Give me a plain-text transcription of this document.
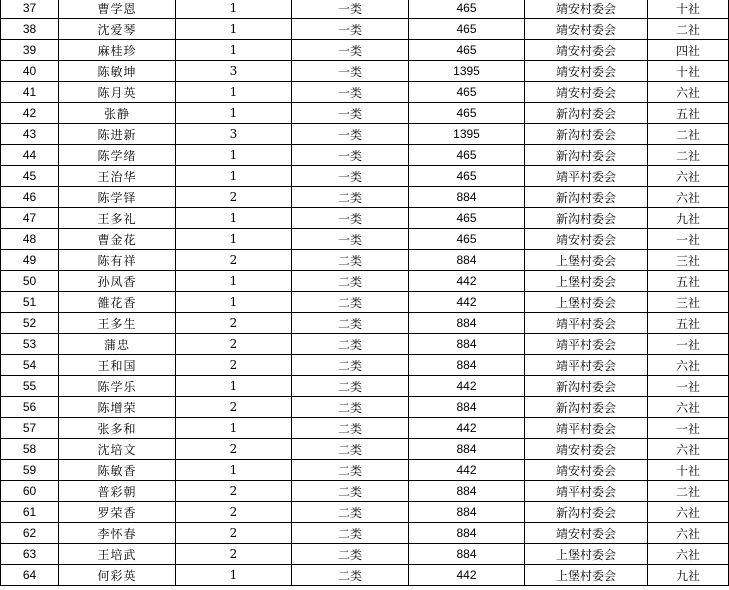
37	曹学恩	1	一类	465	靖安村委会	十社
38	沈爱琴	1	一类	465	靖安村委会	二社
39	麻桂珍	1	一类	465	靖安村委会	四社
40	陈敏坤	3	一类	1395	靖安村委会	十社
41	陈月英	1	一类	465	靖安村委会	六社
42	张静	1	一类	465	新沟村委会	五社
43	陈进新	3	一类	1395	新沟村委会	二社
44	陈学绪	1	一类	465	新沟村委会	二社
45	王治华	1	一类	465	靖平村委会	六社
46	陈学铎	2	二类	884	新沟村委会	六社
47	王多礼	1	一类	465	新沟村委会	九社
48	曹金花	1	一类	465	靖安村委会	一社
49	陈有祥	2	二类	884	上堡村委会	三社
50	孙凤香	1	二类	442	上堡村委会	五社
51	雒花香	1	二类	442	上堡村委会	三社
52	王多生	2	二类	884	靖平村委会	五社
53	蒲忠	2	二类	884	靖平村委会	一社
54	王和国	2	二类	884	靖平村委会	六社
55	陈学乐	1	二类	442	新沟村委会	一社
56	陈增荣	2	二类	884	新沟村委会	六社
57	张多和	1	二类	442	靖平村委会	一社
58	沈培文	2	二类	884	靖安村委会	六社
59	陈敏香	1	二类	442	靖安村委会	十社
60	普彩朝	2	二类	884	靖平村委会	二社
61	罗荣香	2	二类	884	新沟村委会	六社
62	李怀春	2	二类	884	靖安村委会	六社
63	王培武	2	二类	884	上堡村委会	六社
64	何彩英	1	二类	442	上堡村委会	九社
